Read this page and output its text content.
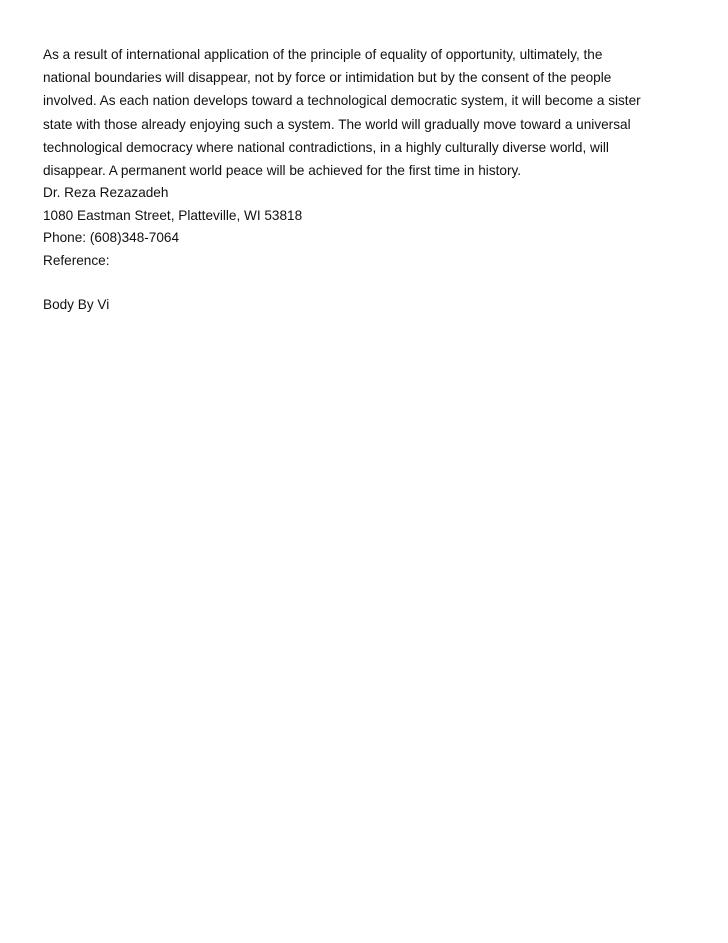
As a result of international application of the principle of equality of opportunity, ultimately, the
national boundaries will disappear, not by force or intimidation but by the consent of the people
involved. As each nation develops toward a technological democratic system, it will become a sister
state with those already enjoying such a system. The world will gradually move toward a universal
technological democracy where national contradictions, in a highly culturally diverse world, will
disappear. A permanent world peace will be achieved for the first time in history.
Dr. Reza Rezazadeh
1080 Eastman Street, Platteville, WI 53818
Phone: (608)348-7064
Reference:
Body By Vi
